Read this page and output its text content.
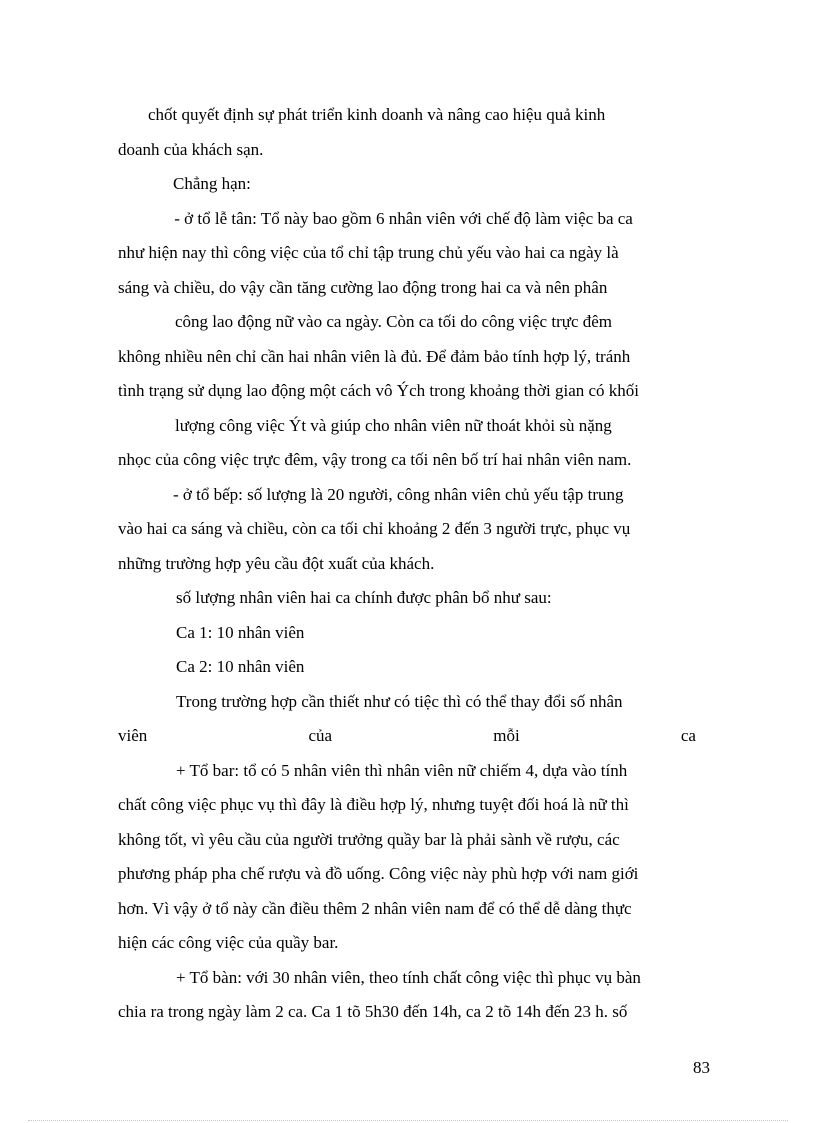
chốt quyết định sự phát triển kinh doanh và nâng cao hiệu quả kinh
doanh của khách sạn.
Chẳng hạn:
- ở tổ lễ tân: Tổ này bao gồm 6 nhân viên với chế độ làm việc ba ca
như hiện nay thì công việc của tổ chỉ tập trung chủ yếu vào hai ca ngày là
sáng và chiều, do vậy cần tăng cường lao động trong hai ca và nên phân
công lao động nữ vào ca ngày. Còn ca tối do công việc trực đêm
không nhiều nên chỉ cần hai nhân viên là đủ. Để đảm bảo tính hợp lý, tránh
tình trạng sử dụng lao động một cách vô Ých trong khoảng thời gian có khối
lượng công việc Ýt và giúp cho nhân viên nữ thoát khỏi sù nặng
nhọc của công việc trực đêm, vậy trong ca tối nên bố trí hai nhân viên nam.
- ở tổ bếp: số lượng là 20 người, công nhân viên chủ yếu tập trung
vào hai ca sáng và chiều, còn ca tối chỉ khoảng 2 đến 3 người trực, phục vụ
những trường hợp yêu cầu đột xuất của khách.
số lượng nhân viên hai ca chính được phân bổ như sau:
Ca 1: 10 nhân viên
Ca 2: 10 nhân viên
Trong trường hợp cần thiết như có tiệc thì có thể thay đổi số nhân
viên	của	mỗi	ca
+ Tổ bar: tổ có 5 nhân viên thì nhân viên nữ chiếm 4, dựa vào tính
chất công việc phục vụ thì đây là điều hợp lý, nhưng tuyệt đối hoá là nữ thì
không tốt, vì yêu cầu của người trưởng quầy bar là phải sành về rượu, các
phương pháp pha chế rượu và đồ uống. Công việc này phù hợp với nam giới
hơn. Vì vậy ở tổ này cần điều thêm 2 nhân viên nam để có thể dễ dàng thực
hiện các công việc của quầy bar.
+ Tổ bàn: với 30 nhân viên, theo tính chất công việc thì phục vụ bàn
chia ra trong ngày làm 2 ca. Ca 1 tõ 5h30 đến 14h, ca 2 tõ 14h đến 23 h. số
83
